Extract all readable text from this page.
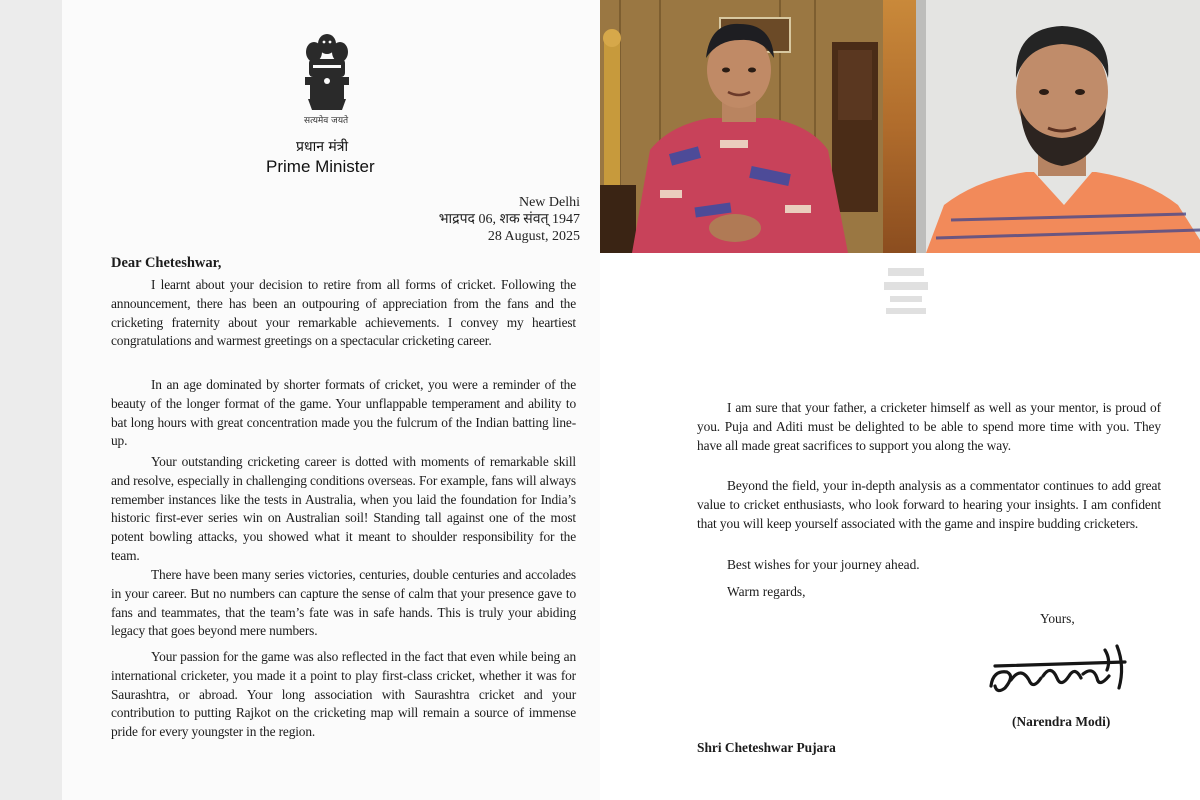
सत्यमेव जयते
प्रधान मंत्री
Prime Minister
New Delhi
भाद्रपद 06, शक संवत् 1947
28 August, 2025
Dear Cheteshwar,

I learnt about your decision to retire from all forms of cricket. Following the announcement, there has been an outpouring of appreciation from the fans and the cricketing fraternity about your remarkable achievements. I convey my heartiest congratulations and warmest greetings on a spectacular cricketing career.

In an age dominated by shorter formats of cricket, you were a reminder of the beauty of the longer format of the game. Your unflappable temperament and ability to bat long hours with great concentration made you the fulcrum of the Indian batting line-up.

Your outstanding cricketing career is dotted with moments of remarkable skill and resolve, especially in challenging conditions overseas. For example, fans will always remember instances like the tests in Australia, when you laid the foundation for India’s historic first-ever series win on Australian soil! Standing tall against one of the most potent bowling attacks, you showed what it meant to shoulder responsibility for the team.

There have been many series victories, centuries, double centuries and accolades in your career. But no numbers can capture the sense of calm that your presence gave to fans and teammates, that the team’s fate was in safe hands. This is truly your abiding legacy that goes beyond mere numbers.

Your passion for the game was also reflected in the fact that even while being an international cricketer, you made it a point to play first-class cricket, whether it was for Saurashtra, or abroad. Your long association with Saurashtra cricket and your contribution to putting Rajkot on the cricketing map will remain a source of immense pride for every youngster in the region.

I am sure that your father, a cricketer himself as well as your mentor, is proud of you. Puja and Aditi must be delighted to be able to spend more time with you. They have all made great sacrifices to support you along the way.

Beyond the field, your in-depth analysis as a commentator continues to add great value to cricket enthusiasts, who look forward to hearing your insights. I am confident that you will keep yourself associated with the game and inspire budding cricketers.

Best wishes for your journey ahead.
Warm regards,
Yours,
(Narendra Modi)
Shri Cheteshwar Pujara
